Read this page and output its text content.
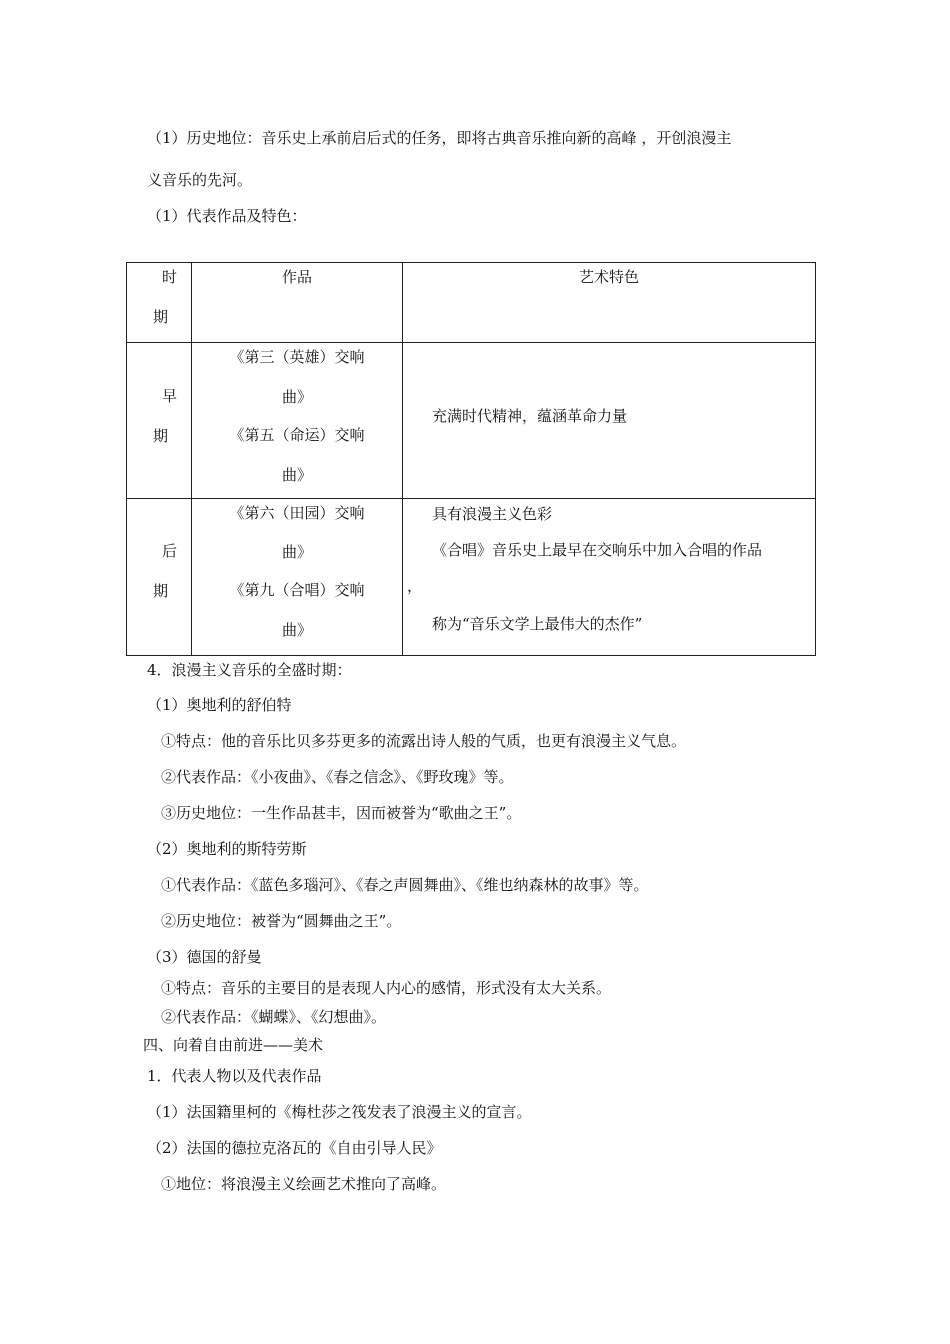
（1）历史地位：音乐史上承前启后式的任务，即将古典音乐推向新的高峰 ，开创浪漫主
义音乐的先河。
（1）代表作品及特色：
时
期	作品	艺术特色

早
期	《第三（英雄）交响
曲》
《第五（命运）交响
曲》	充满时代精神，蕴涵革命力量

后
期	《第六（田园）交响
曲》
《第九（合唱）交响
曲》	具有浪漫主义色彩
《合唱》音乐史上最早在交响乐中加入合唱的作品
，
称为“音乐文学上最伟大的杰作”
4．浪漫主义音乐的全盛时期：
（1）奥地利的舒伯特
①特点：他的音乐比贝多芬更多的流露出诗人般的气质，也更有浪漫主义气息。
②代表作品：《小夜曲》、《春之信念》、《野玫瑰》等。
③历史地位：一生作品甚丰，因而被誉为“歌曲之王”。
（2）奥地利的斯特劳斯
①代表作品：《蓝色多瑙河》、《春之声圆舞曲》、《维也纳森林的故事》等。
②历史地位：被誉为“圆舞曲之王”。
（3）德国的舒曼
①特点：音乐的主要目的是表现人内心的感情，形式没有太大关系。
②代表作品：《蝴蝶》、《幻想曲》。
四、向着自由前进——美术
1．代表人物以及代表作品
（1）法国籍里柯的《梅杜莎之筏发表了浪漫主义的宣言。
（2）法国的德拉克洛瓦的《自由引导人民》
①地位：将浪漫主义绘画艺术推向了高峰。
